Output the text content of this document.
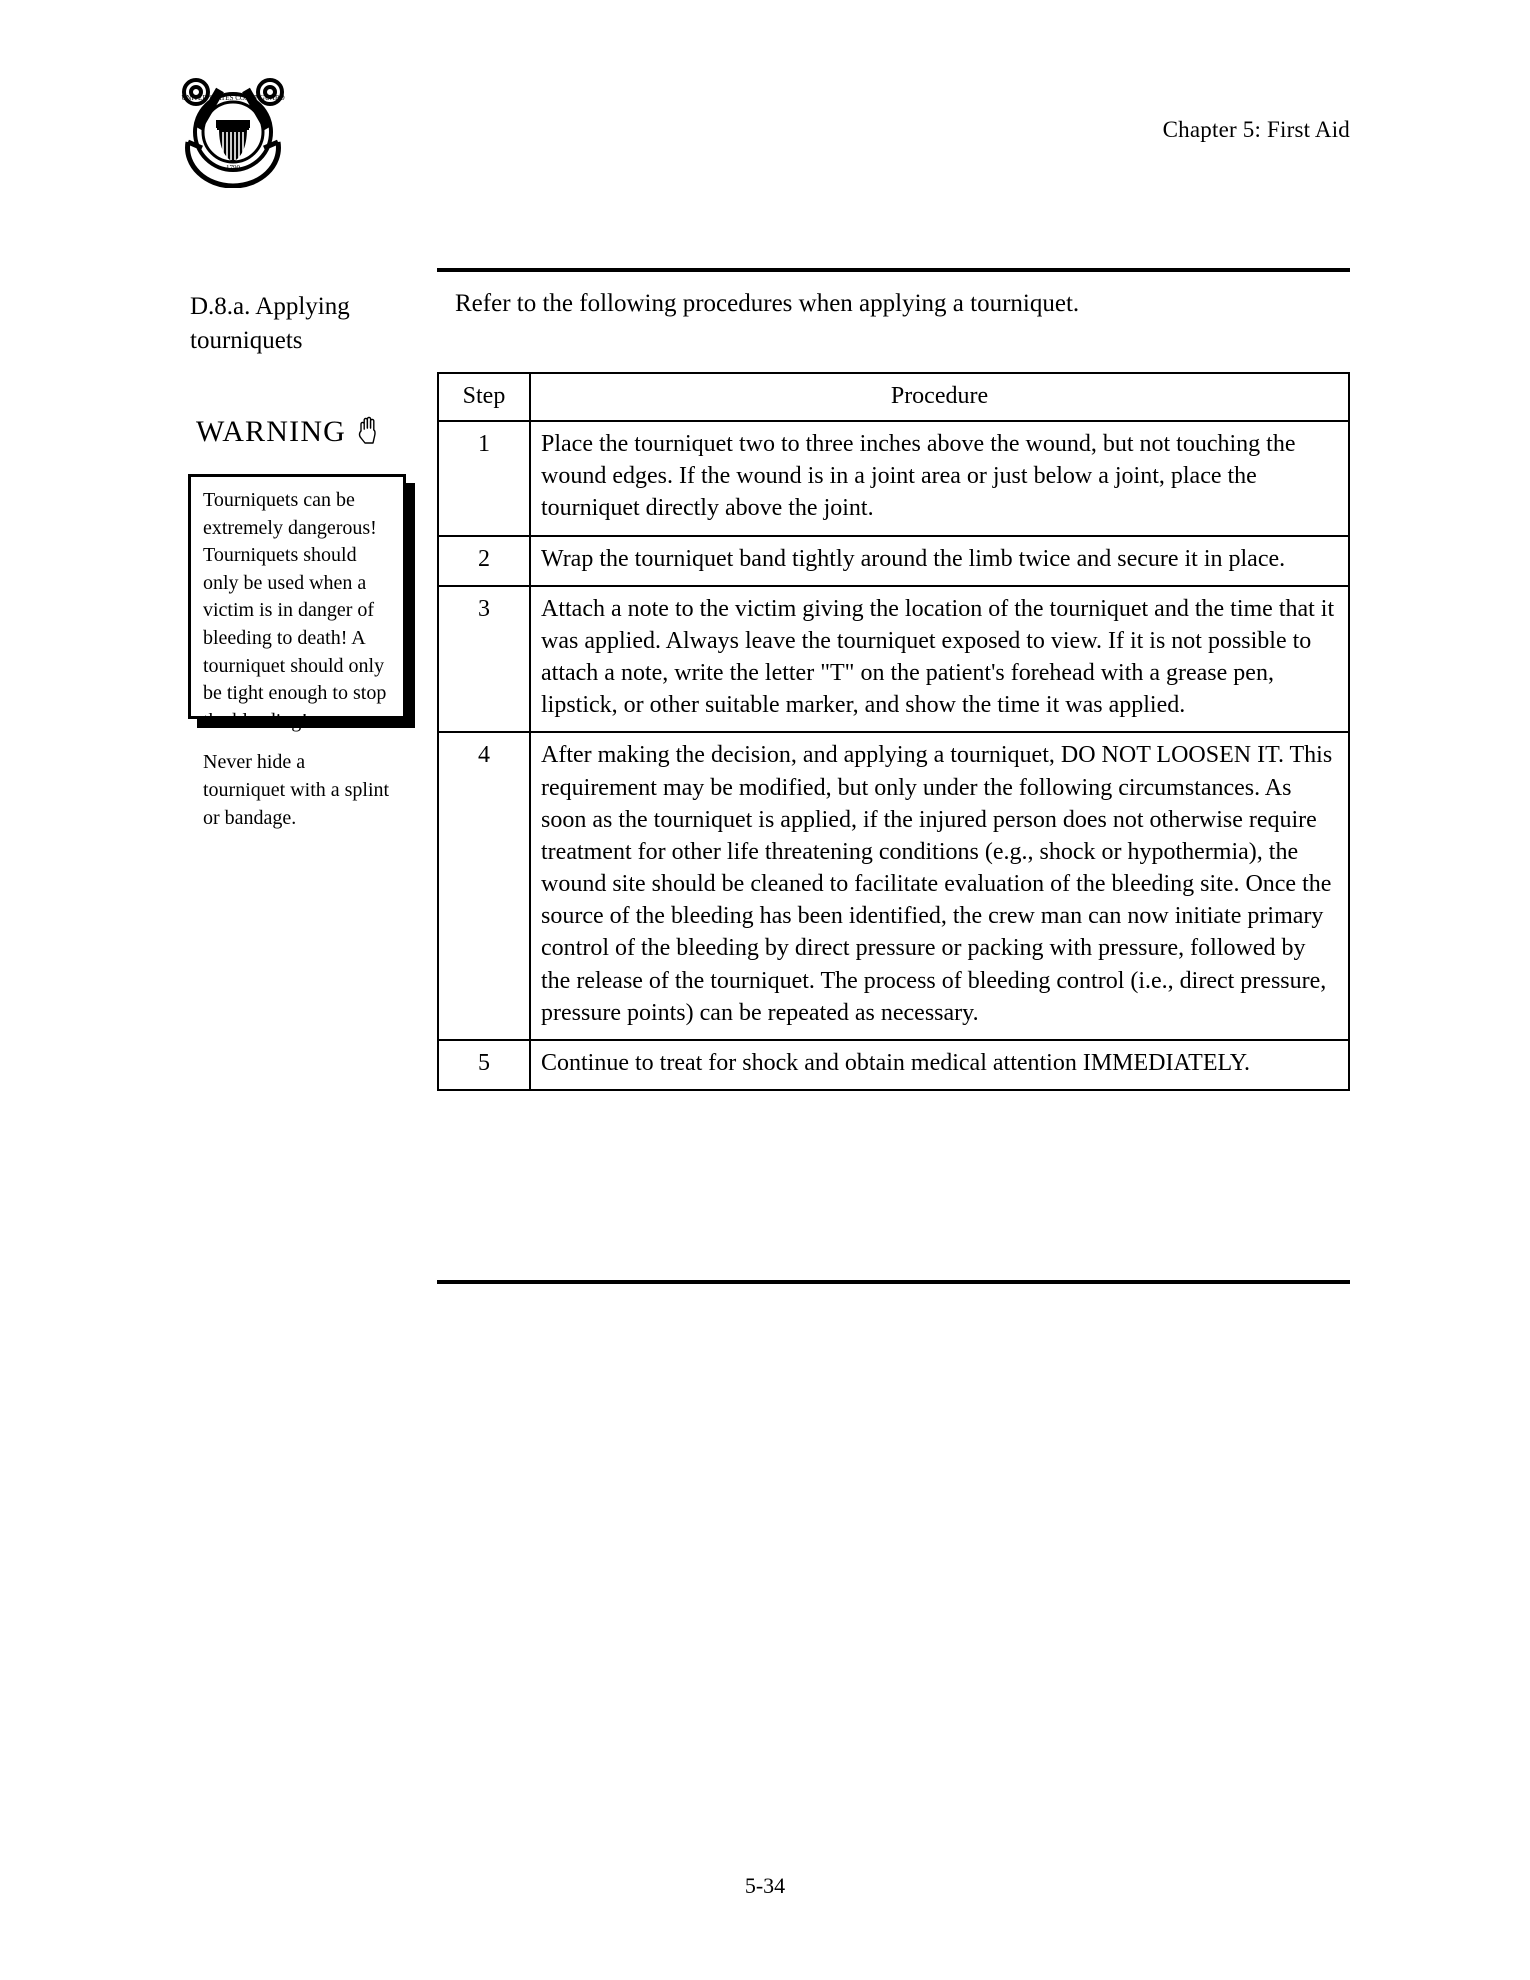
UNITED STATES COAST GUARD
1790
Chapter 5: First Aid
D.8.a. Applying tourniquets
WARNING

Tourniquets can be extremely dangerous! Tourniquets should only be used when a victim is in danger of bleeding to death! A tourniquet should only be tight enough to stop the bleeding!

Never hide a tourniquet with a splint or bandage.

Refer to the following procedures when applying a tourniquet.
Step	Procedure
1	Place the tourniquet two to three inches above the wound, but not touching the wound edges. If the wound is in a joint area or just below a joint, place the tourniquet directly above the joint.
2	Wrap the tourniquet band tightly around the limb twice and secure it in place.
3	Attach a note to the victim giving the location of the tourniquet and the time that it was applied. Always leave the tourniquet exposed to view. If it is not possible to attach a note, write the letter "T" on the patient's forehead with a grease pen, lipstick, or other suitable marker, and show the time it was applied.
4	After making the decision, and applying a tourniquet, DO NOT LOOSEN IT. This requirement may be modified, but only under the following circumstances. As soon as the tourniquet is applied, if the injured person does not otherwise require treatment for other life threatening conditions (e.g., shock or hypothermia), the wound site should be cleaned to facilitate evaluation of the bleeding site. Once the source of the bleeding has been identified, the crew man can now initiate primary control of the bleeding by direct pressure or packing with pressure, followed by the release of the tourniquet. The process of bleeding control (i.e., direct pressure, pressure points) can be repeated as necessary.
5	Continue to treat for shock and obtain medical attention IMMEDIATELY.
5-34
